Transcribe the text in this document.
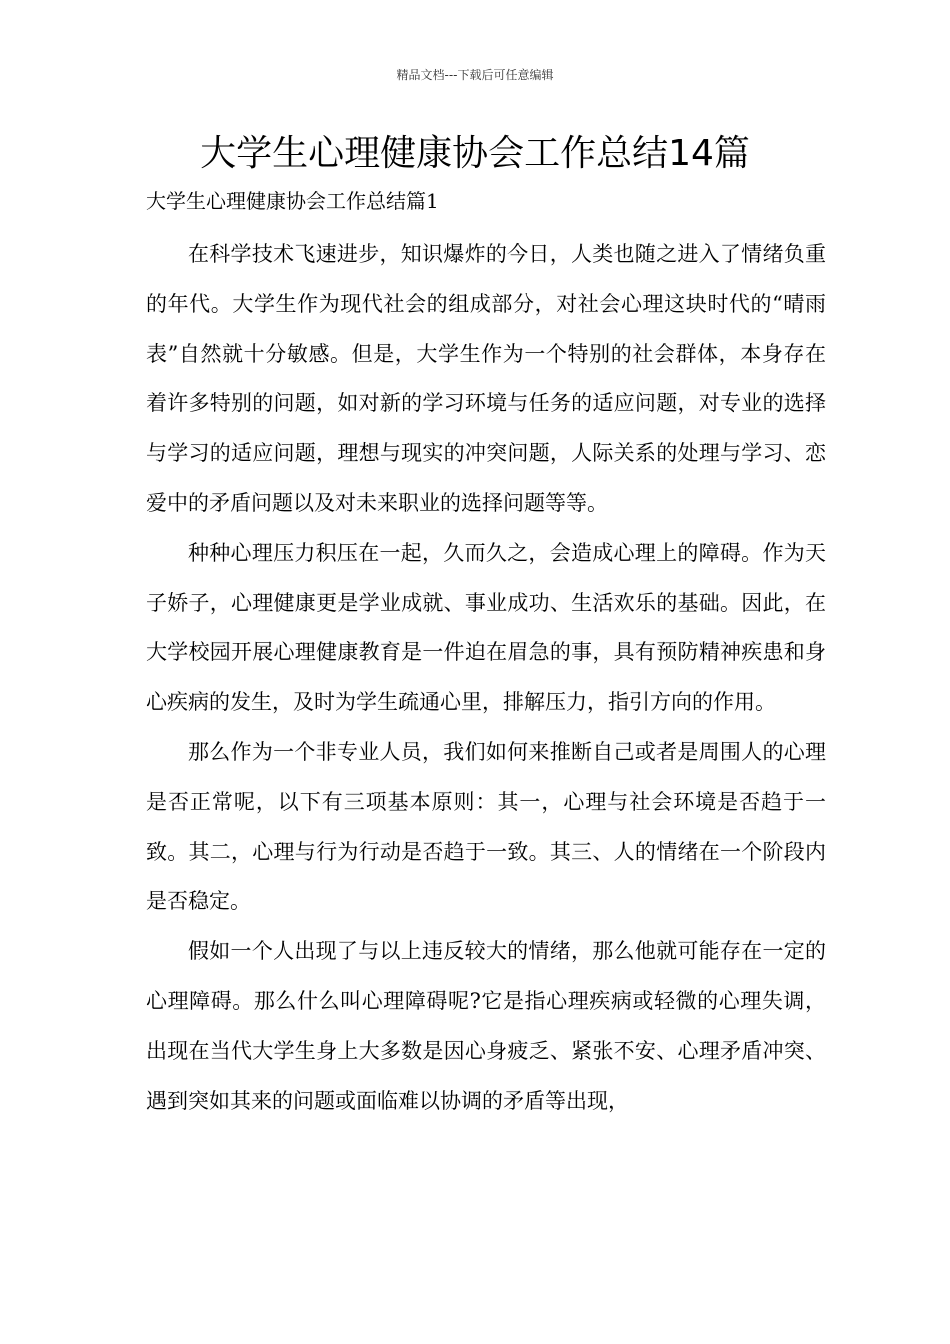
精品文档---下载后可任意编辑
大学生心理健康协会工作总结14篇
大学生心理健康协会工作总结篇1

在科学技术飞速进步，知识爆炸的今日，人类也随之进入了情绪负重的年代。大学生作为现代社会的组成部分，对社会心理这块时代的“晴雨表”自然就十分敏感。但是，大学生作为一个特别的社会群体，本身存在着许多特别的问题，如对新的学习环境与任务的适应问题，对专业的选择与学习的适应问题，理想与现实的冲突问题，人际关系的处理与学习、恋爱中的矛盾问题以及对未来职业的选择问题等等。

种种心理压力积压在一起，久而久之，会造成心理上的障碍。作为天子娇子，心理健康更是学业成就、事业成功、生活欢乐的基础。因此，在大学校园开展心理健康教育是一件迫在眉急的事，具有预防精神疾患和身心疾病的发生，及时为学生疏通心里，排解压力，指引方向的作用。

那么作为一个非专业人员，我们如何来推断自己或者是周围人的心理是否正常呢，以下有三项基本原则：其一，心理与社会环境是否趋于一致。其二，心理与行为行动是否趋于一致。其三、人的情绪在一个阶段内是否稳定。

假如一个人出现了与以上违反较大的情绪，那么他就可能存在一定的心理障碍。那么什么叫心理障碍呢?它是指心理疾病或轻微的心理失调，出现在当代大学生身上大多数是因心身疲乏、紧张不安、心理矛盾冲突、遇到突如其来的问题或面临难以协调的矛盾等出现，
